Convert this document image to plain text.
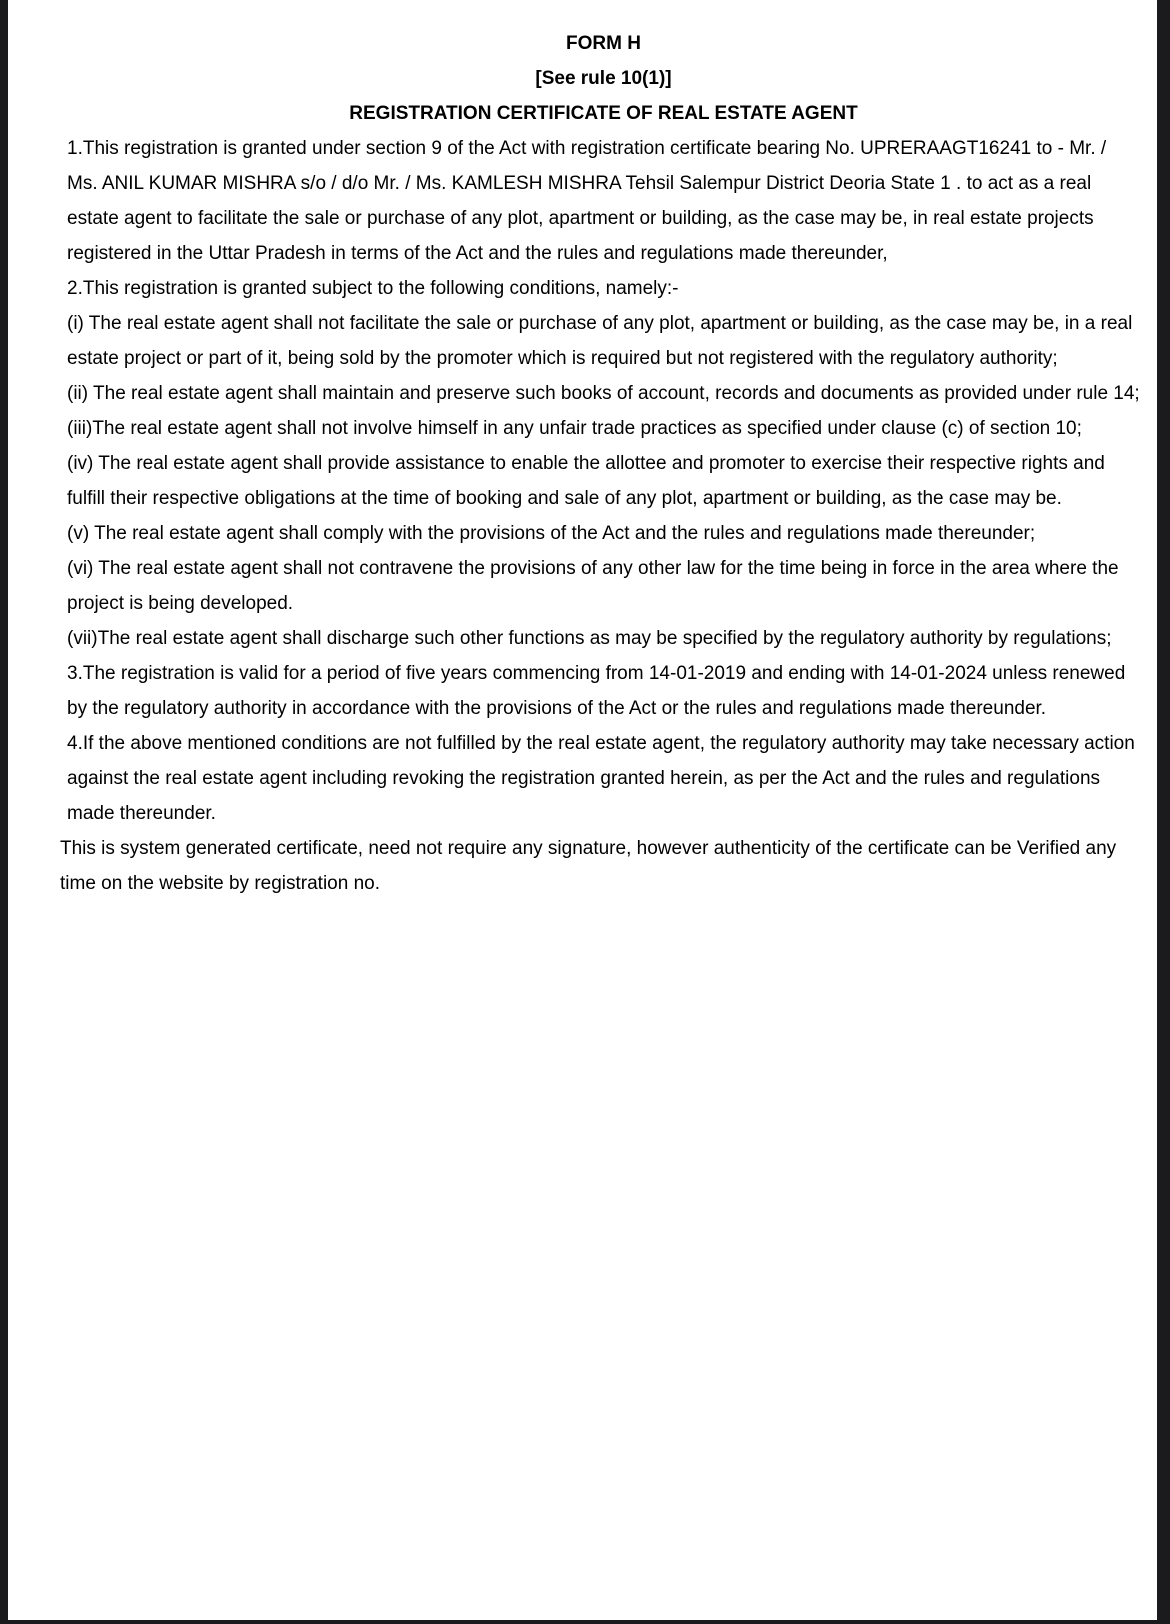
FORM H

[See rule 10(1)]

REGISTRATION CERTIFICATE OF REAL ESTATE AGENT

1.This registration is granted under section 9 of the Act with registration certificate bearing No. UPRERAAGT16241 to - Mr. / Ms. ANIL KUMAR MISHRA s/o / d/o Mr. / Ms. KAMLESH MISHRA Tehsil Salempur District Deoria State 1 . to act as a real estate agent to facilitate the sale or purchase of any plot, apartment or building, as the case may be, in real estate projects registered in the Uttar Pradesh in terms of the Act and the rules and regulations made thereunder,

2.This registration is granted subject to the following conditions, namely:-

(i) The real estate agent shall not facilitate the sale or purchase of any plot, apartment or building, as the case may be, in a real estate project or part of it, being sold by the promoter which is required but not registered with the regulatory authority;

(ii) The real estate agent shall maintain and preserve such books of account, records and documents as provided under rule 14;

(iii)The real estate agent shall not involve himself in any unfair trade practices as specified under clause (c) of section 10;

(iv) The real estate agent shall provide assistance to enable the allottee and promoter to exercise their respective rights and fulfill their respective obligations at the time of booking and sale of any plot, apartment or building, as the case may be.

(v) The real estate agent shall comply with the provisions of the Act and the rules and regulations made thereunder;

(vi) The real estate agent shall not contravene the provisions of any other law for the time being in force in the area where the project is being developed.

(vii)The real estate agent shall discharge such other functions as may be specified by the regulatory authority by regulations;

3.The registration is valid for a period of five years commencing from 14-01-2019 and ending with 14-01-2024 unless renewed by the regulatory authority in accordance with the provisions of the Act or the rules and regulations made thereunder.

4.If the above mentioned conditions are not fulfilled by the real estate agent, the regulatory authority may take necessary action against the real estate agent including revoking the registration granted herein, as per the Act and the rules and regulations made thereunder.

This is system generated certificate, need not require any signature, however authenticity of the certificate can be Verified any time on the website by registration no.
